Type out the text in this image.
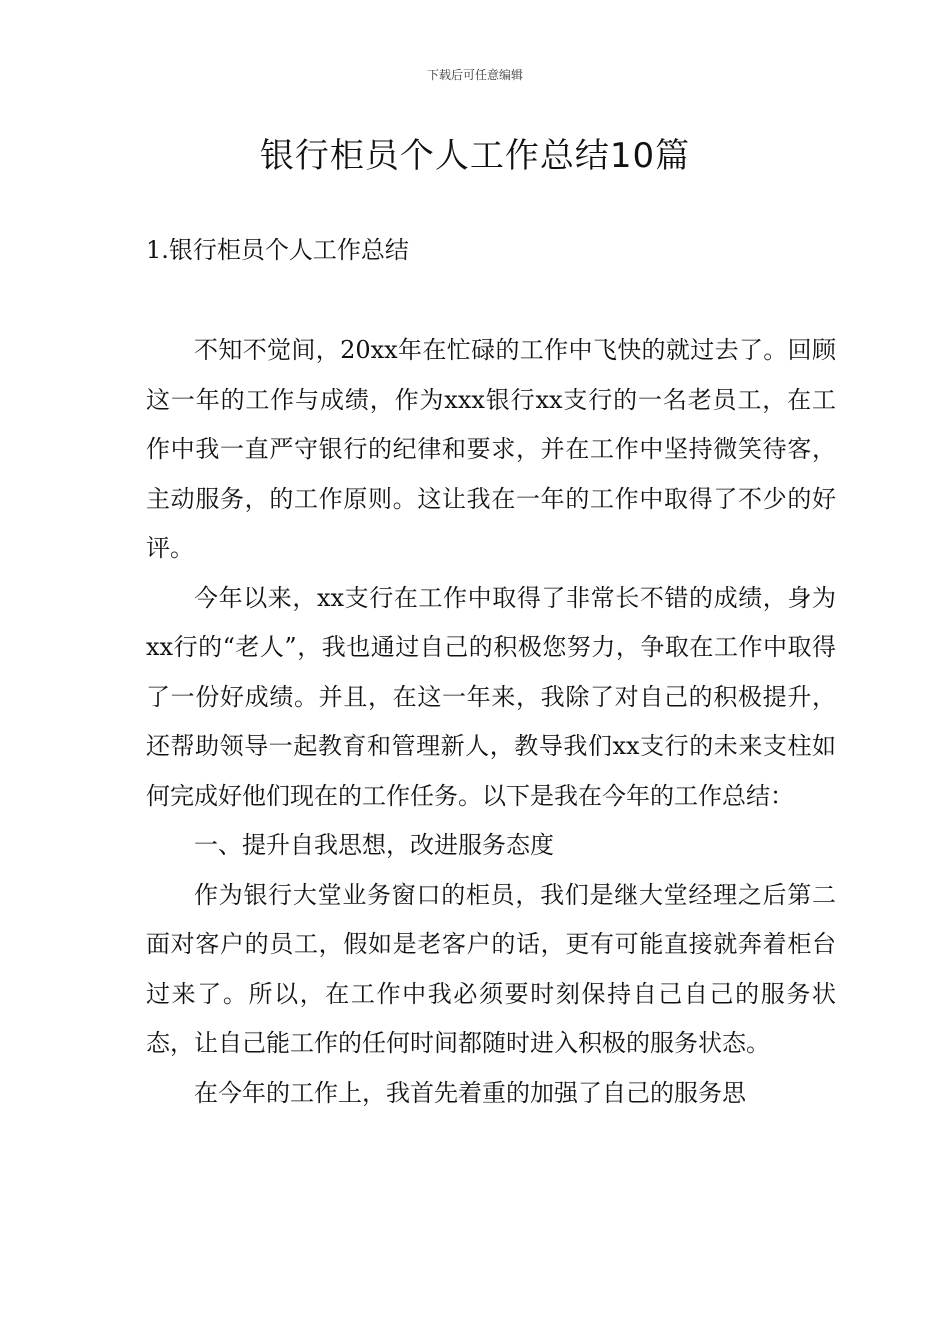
下载后可任意编辑
银行柜员个人工作总结10篇
1.银行柜员个人工作总结

不知不觉间，20xx年在忙碌的工作中飞快的就过去了。回顾这一年的工作与成绩，作为xxx银行xx支行的一名老员工，在工作中我一直严守银行的纪律和要求，并在工作中坚持微笑待客，主动服务，的工作原则。这让我在一年的工作中取得了不少的好评。

今年以来，xx支行在工作中取得了非常长不错的成绩，身为xx行的“老人”，我也通过自己的积极您努力，争取在工作中取得了一份好成绩。并且，在这一年来，我除了对自己的积极提升，还帮助领导一起教育和管理新人，教导我们xx支行的未来支柱如何完成好他们现在的工作任务。以下是我在今年的工作总结：

一、提升自我思想，改进服务态度

作为银行大堂业务窗口的柜员，我们是继大堂经理之后第二面对客户的员工，假如是老客户的话，更有可能直接就奔着柜台过来了。所以，在工作中我必须要时刻保持自己自己的服务状态，让自己能工作的任何时间都随时进入积极的服务状态。

在今年的工作上，我首先着重的加强了自己的服务思
